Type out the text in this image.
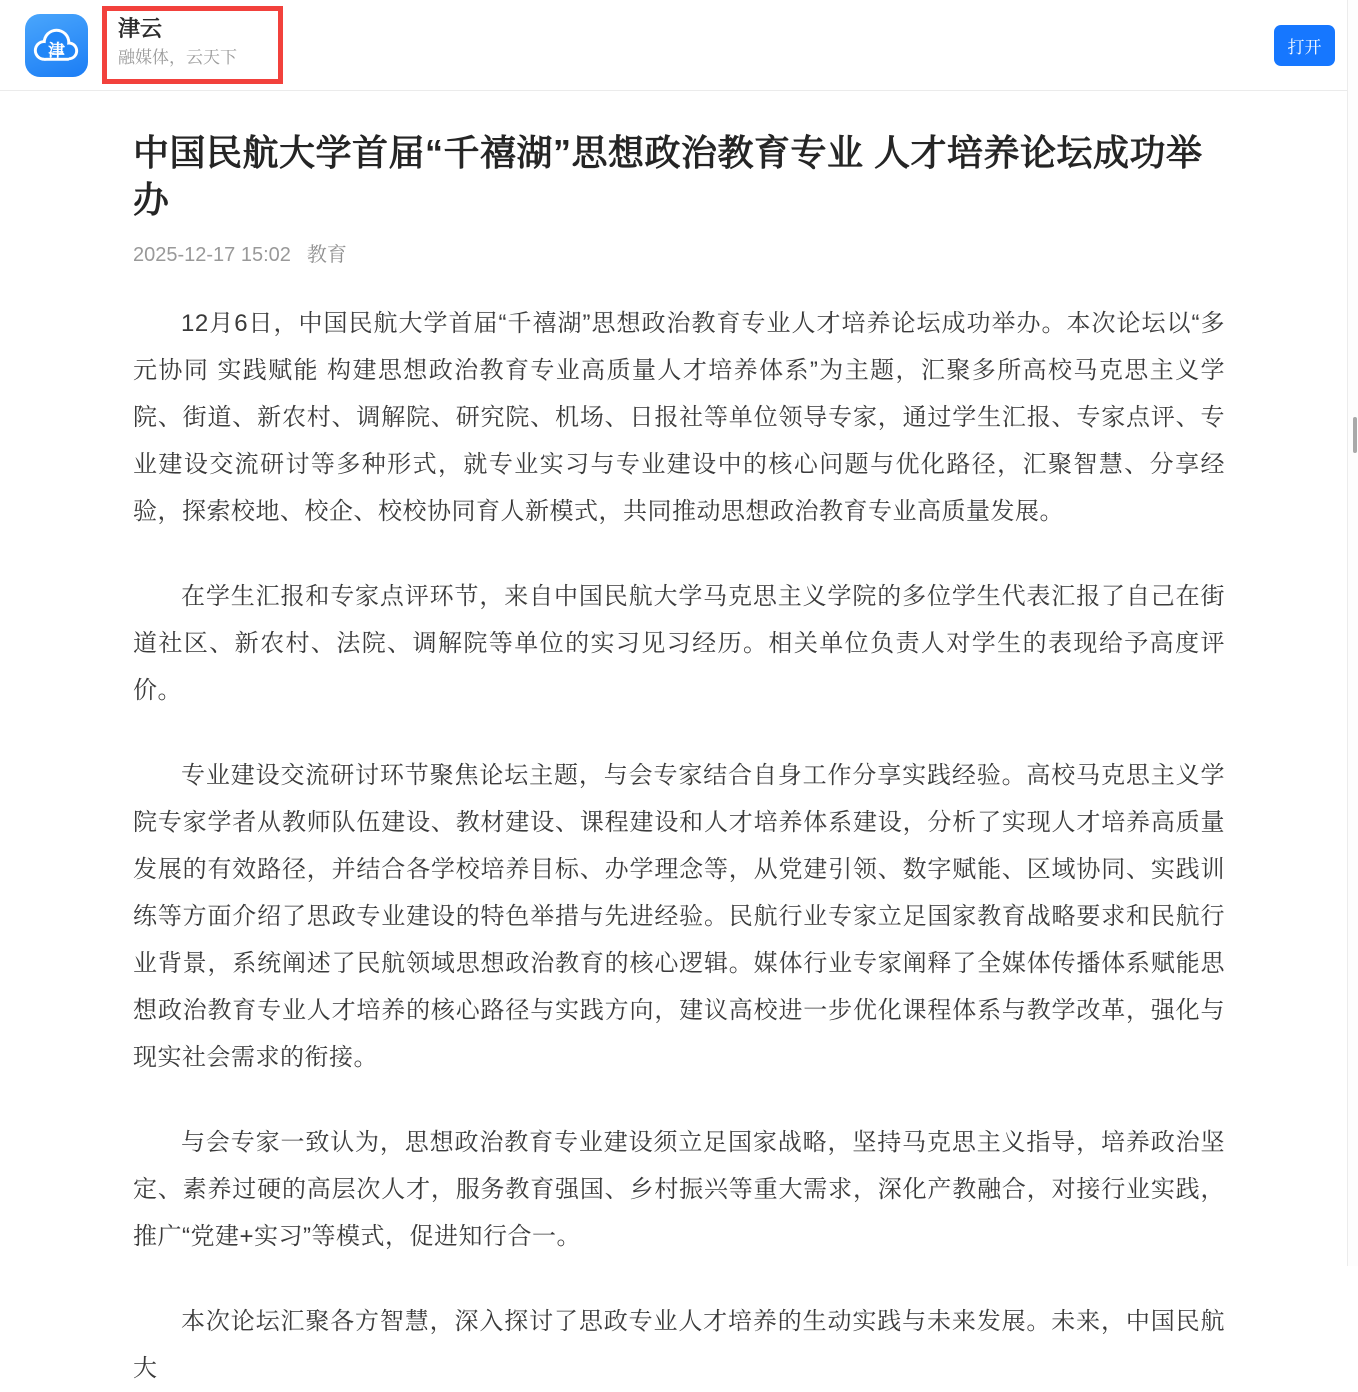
津
津云
融媒体，云天下
打开
中国民航大学首届“千禧湖”思想政治教育专业 人才培养论坛成功举办
2025-12-17 15:02 教育

12月6日，中国民航大学首届“千禧湖”思想政治教育专业人才培养论坛成功举办。本次论坛以“多元协同 实践赋能 构建思想政治教育专业高质量人才培养体系”为主题，汇聚多所高校马克思主义学院、街道、新农村、调解院、研究院、机场、日报社等单位领导专家，通过学生汇报、专家点评、专业建设交流研讨等多种形式，就专业实习与专业建设中的核心问题与优化路径，汇聚智慧、分享经验，探索校地、校企、校校协同育人新模式，共同推动思想政治教育专业高质量发展。

在学生汇报和专家点评环节，来自中国民航大学马克思主义学院的多位学生代表汇报了自己在街道社区、新农村、法院、调解院等单位的实习见习经历。相关单位负责人对学生的表现给予高度评价。

专业建设交流研讨环节聚焦论坛主题，与会专家结合自身工作分享实践经验。高校马克思主义学院专家学者从教师队伍建设、教材建设、课程建设和人才培养体系建设，分析了实现人才培养高质量发展的有效路径，并结合各学校培养目标、办学理念等，从党建引领、数字赋能、区域协同、实践训练等方面介绍了思政专业建设的特色举措与先进经验。民航行业专家立足国家教育战略要求和民航行业背景，系统阐述了民航领域思想政治教育的核心逻辑。媒体行业专家阐释了全媒体传播体系赋能思想政治教育专业人才培养的核心路径与实践方向，建议高校进一步优化课程体系与教学改革，强化与现实社会需求的衔接。

与会专家一致认为，思想政治教育专业建设须立足国家战略，坚持马克思主义指导，培养政治坚定、素养过硬的高层次人才，服务教育强国、乡村振兴等重大需求，深化产教融合，对接行业实践，推广“党建+实习”等模式，促进知行合一。

本次论坛汇聚各方智慧，深入探讨了思政专业人才培养的生动实践与未来发展。未来，中国民航大
